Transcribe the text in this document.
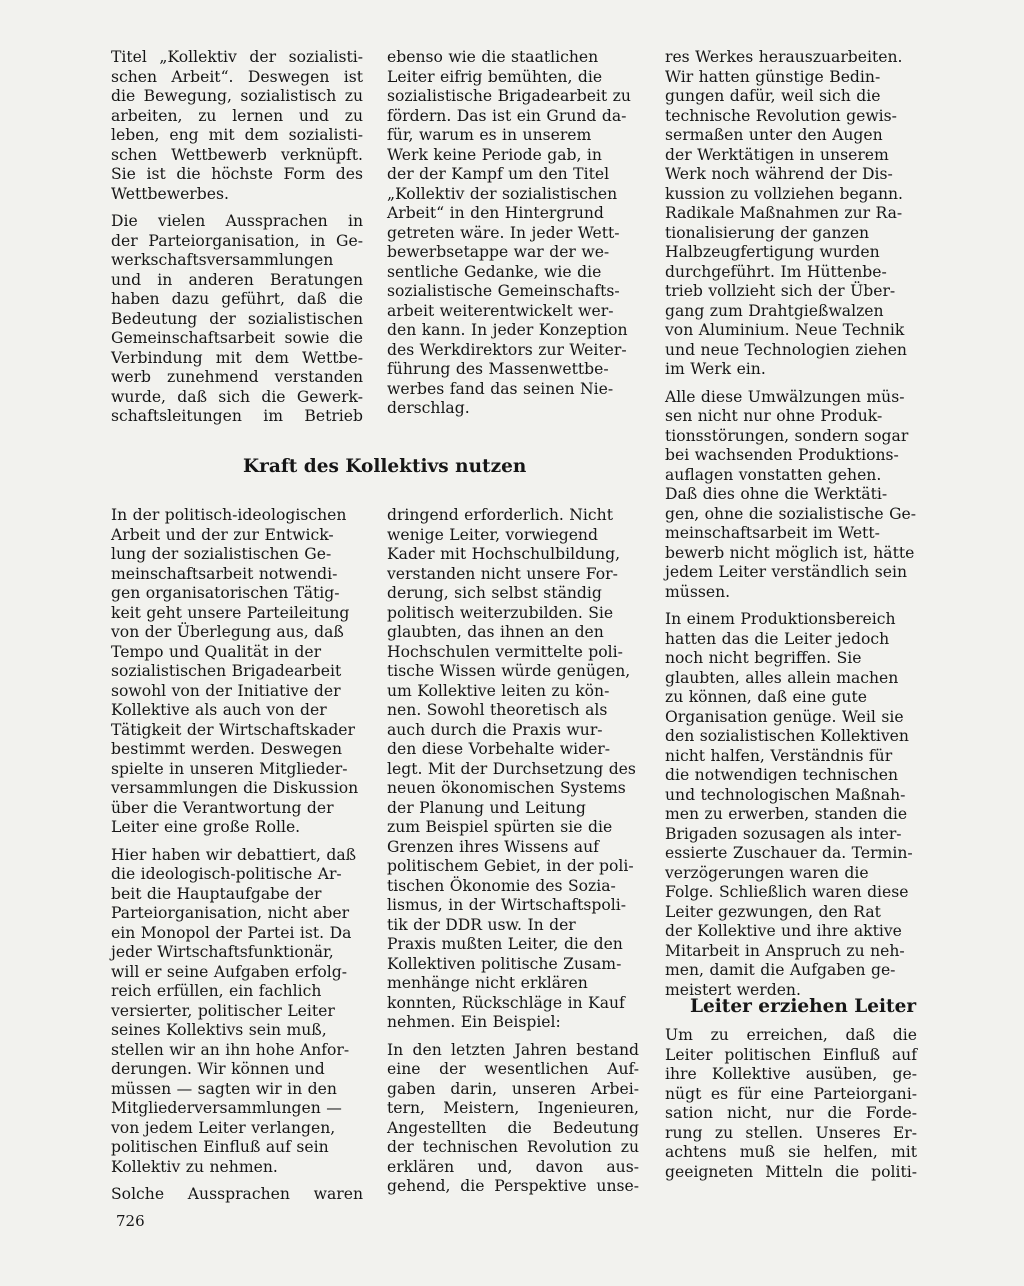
Titel „Kollektiv der sozialisti-
schen Arbeit“. Deswegen ist
die Bewegung, sozialistisch zu
arbeiten, zu lernen und zu
leben, eng mit dem sozialisti-
schen Wettbewerb verknüpft.
Sie ist die höchste Form des
Wettbewerbes.

Die vielen Aussprachen in
der Parteiorganisation, in Ge-
werkschaftsversammlungen
und in anderen Beratungen
haben dazu geführt, daß die
Bedeutung der sozialistischen
Gemeinschaftsarbeit sowie die
Verbindung mit dem Wettbe-
werb zunehmend verstanden
wurde, daß sich die Gewerk-
schaftsleitungen im Betrieb

ebenso wie die staatlichen
Leiter eifrig bemühten, die
sozialistische Brigadearbeit zu
fördern. Das ist ein Grund da-
für, warum es in unserem
Werk keine Periode gab, in
der der Kampf um den Titel
„Kollektiv der sozialistischen
Arbeit“ in den Hintergrund
getreten wäre. In jeder Wett-
bewerbsetappe war der we-
sentliche Gedanke, wie die
sozialistische Gemeinschafts-
arbeit weiterentwickelt wer-
den kann. In jeder Konzeption
des Werkdirektors zur Weiter-
führung des Massenwettbe-
werbes fand das seinen Nie-
derschlag.

Kraft des Kollektivs nutzen

In der politisch-ideologischen
Arbeit und der zur Entwick-
lung der sozialistischen Ge-
meinschaftsarbeit notwendi-
gen organisatorischen Tätig-
keit geht unsere Parteileitung
von der Überlegung aus, daß
Tempo und Qualität in der
sozialistischen Brigadearbeit
sowohl von der Initiative der
Kollektive als auch von der
Tätigkeit der Wirtschaftskader
bestimmt werden. Deswegen
spielte in unseren Mitglieder-
versammlungen die Diskussion
über die Verantwortung der
Leiter eine große Rolle.

Hier haben wir debattiert, daß
die ideologisch-politische Ar-
beit die Hauptaufgabe der
Parteiorganisation, nicht aber
ein Monopol der Partei ist. Da
jeder Wirtschaftsfunktionär,
will er seine Aufgaben erfolg-
reich erfüllen, ein fachlich
versierter, politischer Leiter
seines Kollektivs sein muß,
stellen wir an ihn hohe Anfor-
derungen. Wir können und
müssen — sagten wir in den
Mitgliederversammlungen —
von jedem Leiter verlangen,
politischen Einfluß auf sein
Kollektiv zu nehmen.

Solche Aussprachen waren

dringend erforderlich. Nicht
wenige Leiter, vorwiegend
Kader mit Hochschulbildung,
verstanden nicht unsere For-
derung, sich selbst ständig
politisch weiterzubilden. Sie
glaubten, das ihnen an den
Hochschulen vermittelte poli-
tische Wissen würde genügen,
um Kollektive leiten zu kön-
nen. Sowohl theoretisch als
auch durch die Praxis wur-
den diese Vorbehalte wider-
legt. Mit der Durchsetzung des
neuen ökonomischen Systems
der Planung und Leitung
zum Beispiel spürten sie die
Grenzen ihres Wissens auf
politischem Gebiet, in der poli-
tischen Ökonomie des Sozia-
lismus, in der Wirtschaftspoli-
tik der DDR usw. In der
Praxis mußten Leiter, die den
Kollektiven politische Zusam-
menhänge nicht erklären
konnten, Rückschläge in Kauf
nehmen. Ein Beispiel:

In den letzten Jahren bestand
eine der wesentlichen Auf-
gaben darin, unseren Arbei-
tern, Meistern, Ingenieuren,
Angestellten die Bedeutung
der technischen Revolution zu
erklären und, davon aus-
gehend, die Perspektive unse-

res Werkes herauszuarbeiten.
Wir hatten günstige Bedin-
gungen dafür, weil sich die
technische Revolution gewis-
sermaßen unter den Augen
der Werktätigen in unserem
Werk noch während der Dis-
kussion zu vollziehen begann.
Radikale Maßnahmen zur Ra-
tionalisierung der ganzen
Halbzeugfertigung wurden
durchgeführt. Im Hüttenbe-
trieb vollzieht sich der Über-
gang zum Drahtgießwalzen
von Aluminium. Neue Technik
und neue Technologien ziehen
im Werk ein.

Alle diese Umwälzungen müs-
sen nicht nur ohne Produk-
tionsstörungen, sondern sogar
bei wachsenden Produktions-
auflagen vonstatten gehen.
Daß dies ohne die Werktäti-
gen, ohne die sozialistische Ge-
meinschaftsarbeit im Wett-
bewerb nicht möglich ist, hätte
jedem Leiter verständlich sein
müssen.

In einem Produktionsbereich
hatten das die Leiter jedoch
noch nicht begriffen. Sie
glaubten, alles allein machen
zu können, daß eine gute
Organisation genüge. Weil sie
den sozialistischen Kollektiven
nicht halfen, Verständnis für
die notwendigen technischen
und technologischen Maßnah-
men zu erwerben, standen die
Brigaden sozusagen als inter-
essierte Zuschauer da. Termin-
verzögerungen waren die
Folge. Schließlich waren diese
Leiter gezwungen, den Rat
der Kollektive und ihre aktive
Mitarbeit in Anspruch zu neh-
men, damit die Aufgaben ge-
meistert werden.

Leiter erziehen Leiter

Um zu erreichen, daß die
Leiter politischen Einfluß auf
ihre Kollektive ausüben, ge-
nügt es für eine Parteiorgani-
sation nicht, nur die Forde-
rung zu stellen. Unseres Er-
achtens muß sie helfen, mit
geeigneten Mitteln die politi-

726
